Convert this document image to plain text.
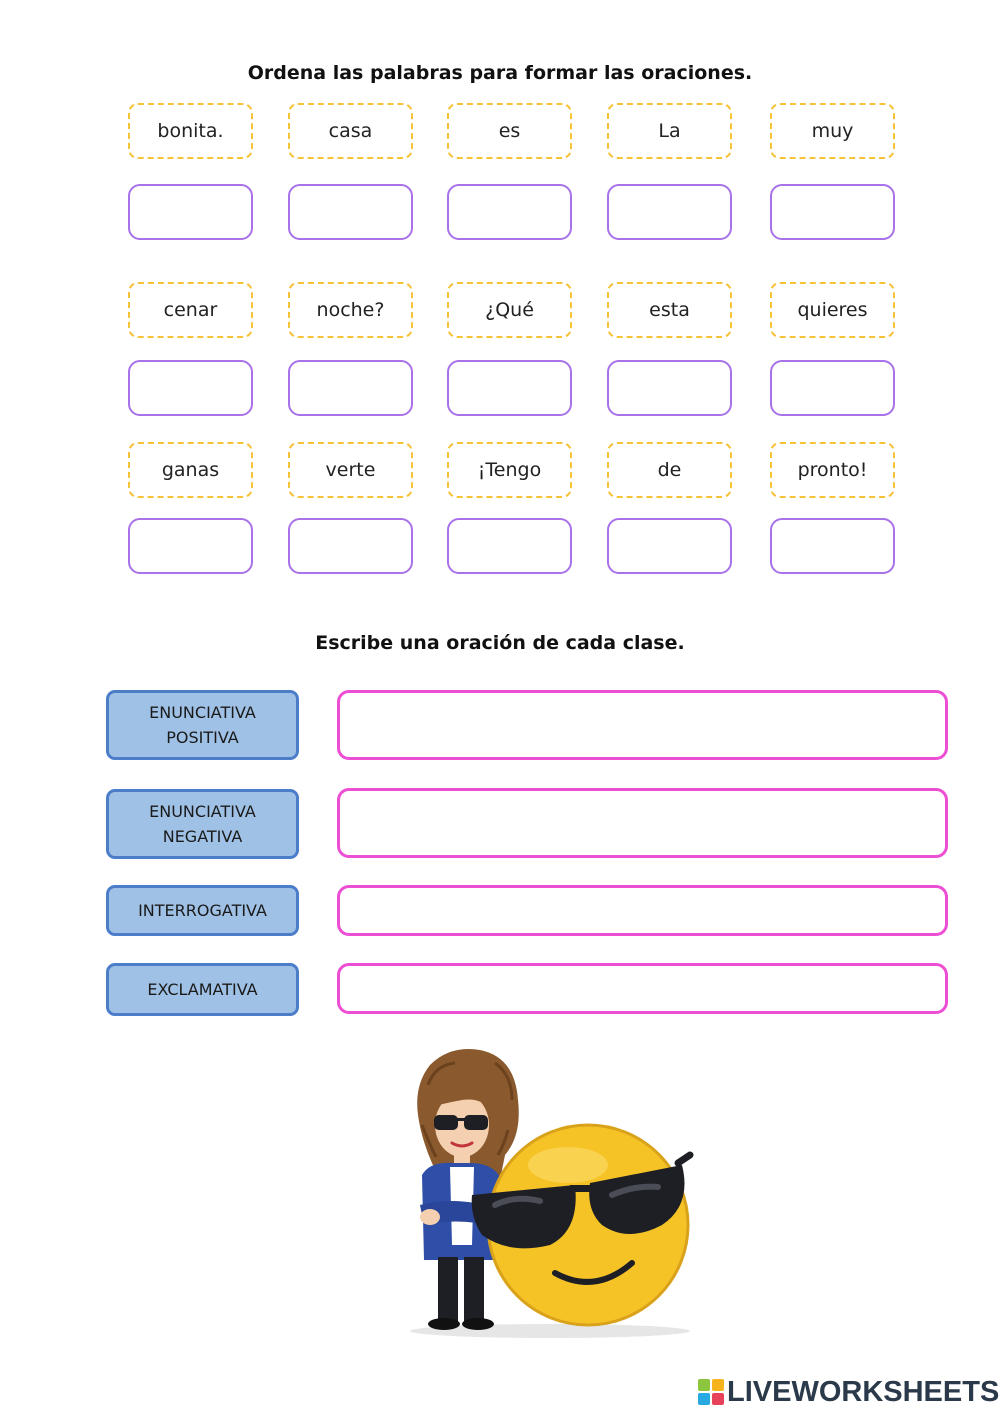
Ordena las palabras para formar las oraciones.
bonita.	casa	es	La	muy
cenar	noche?	¿Qué	esta	quieres
ganas	verte	¡Tengo	de	pronto!
Escribe una oración de cada clase.
ENUNCIATIVA
POSITIVA
ENUNCIATIVA
NEGATIVA
INTERROGATIVA
EXCLAMATIVA
LIVEWORKSHEETS
